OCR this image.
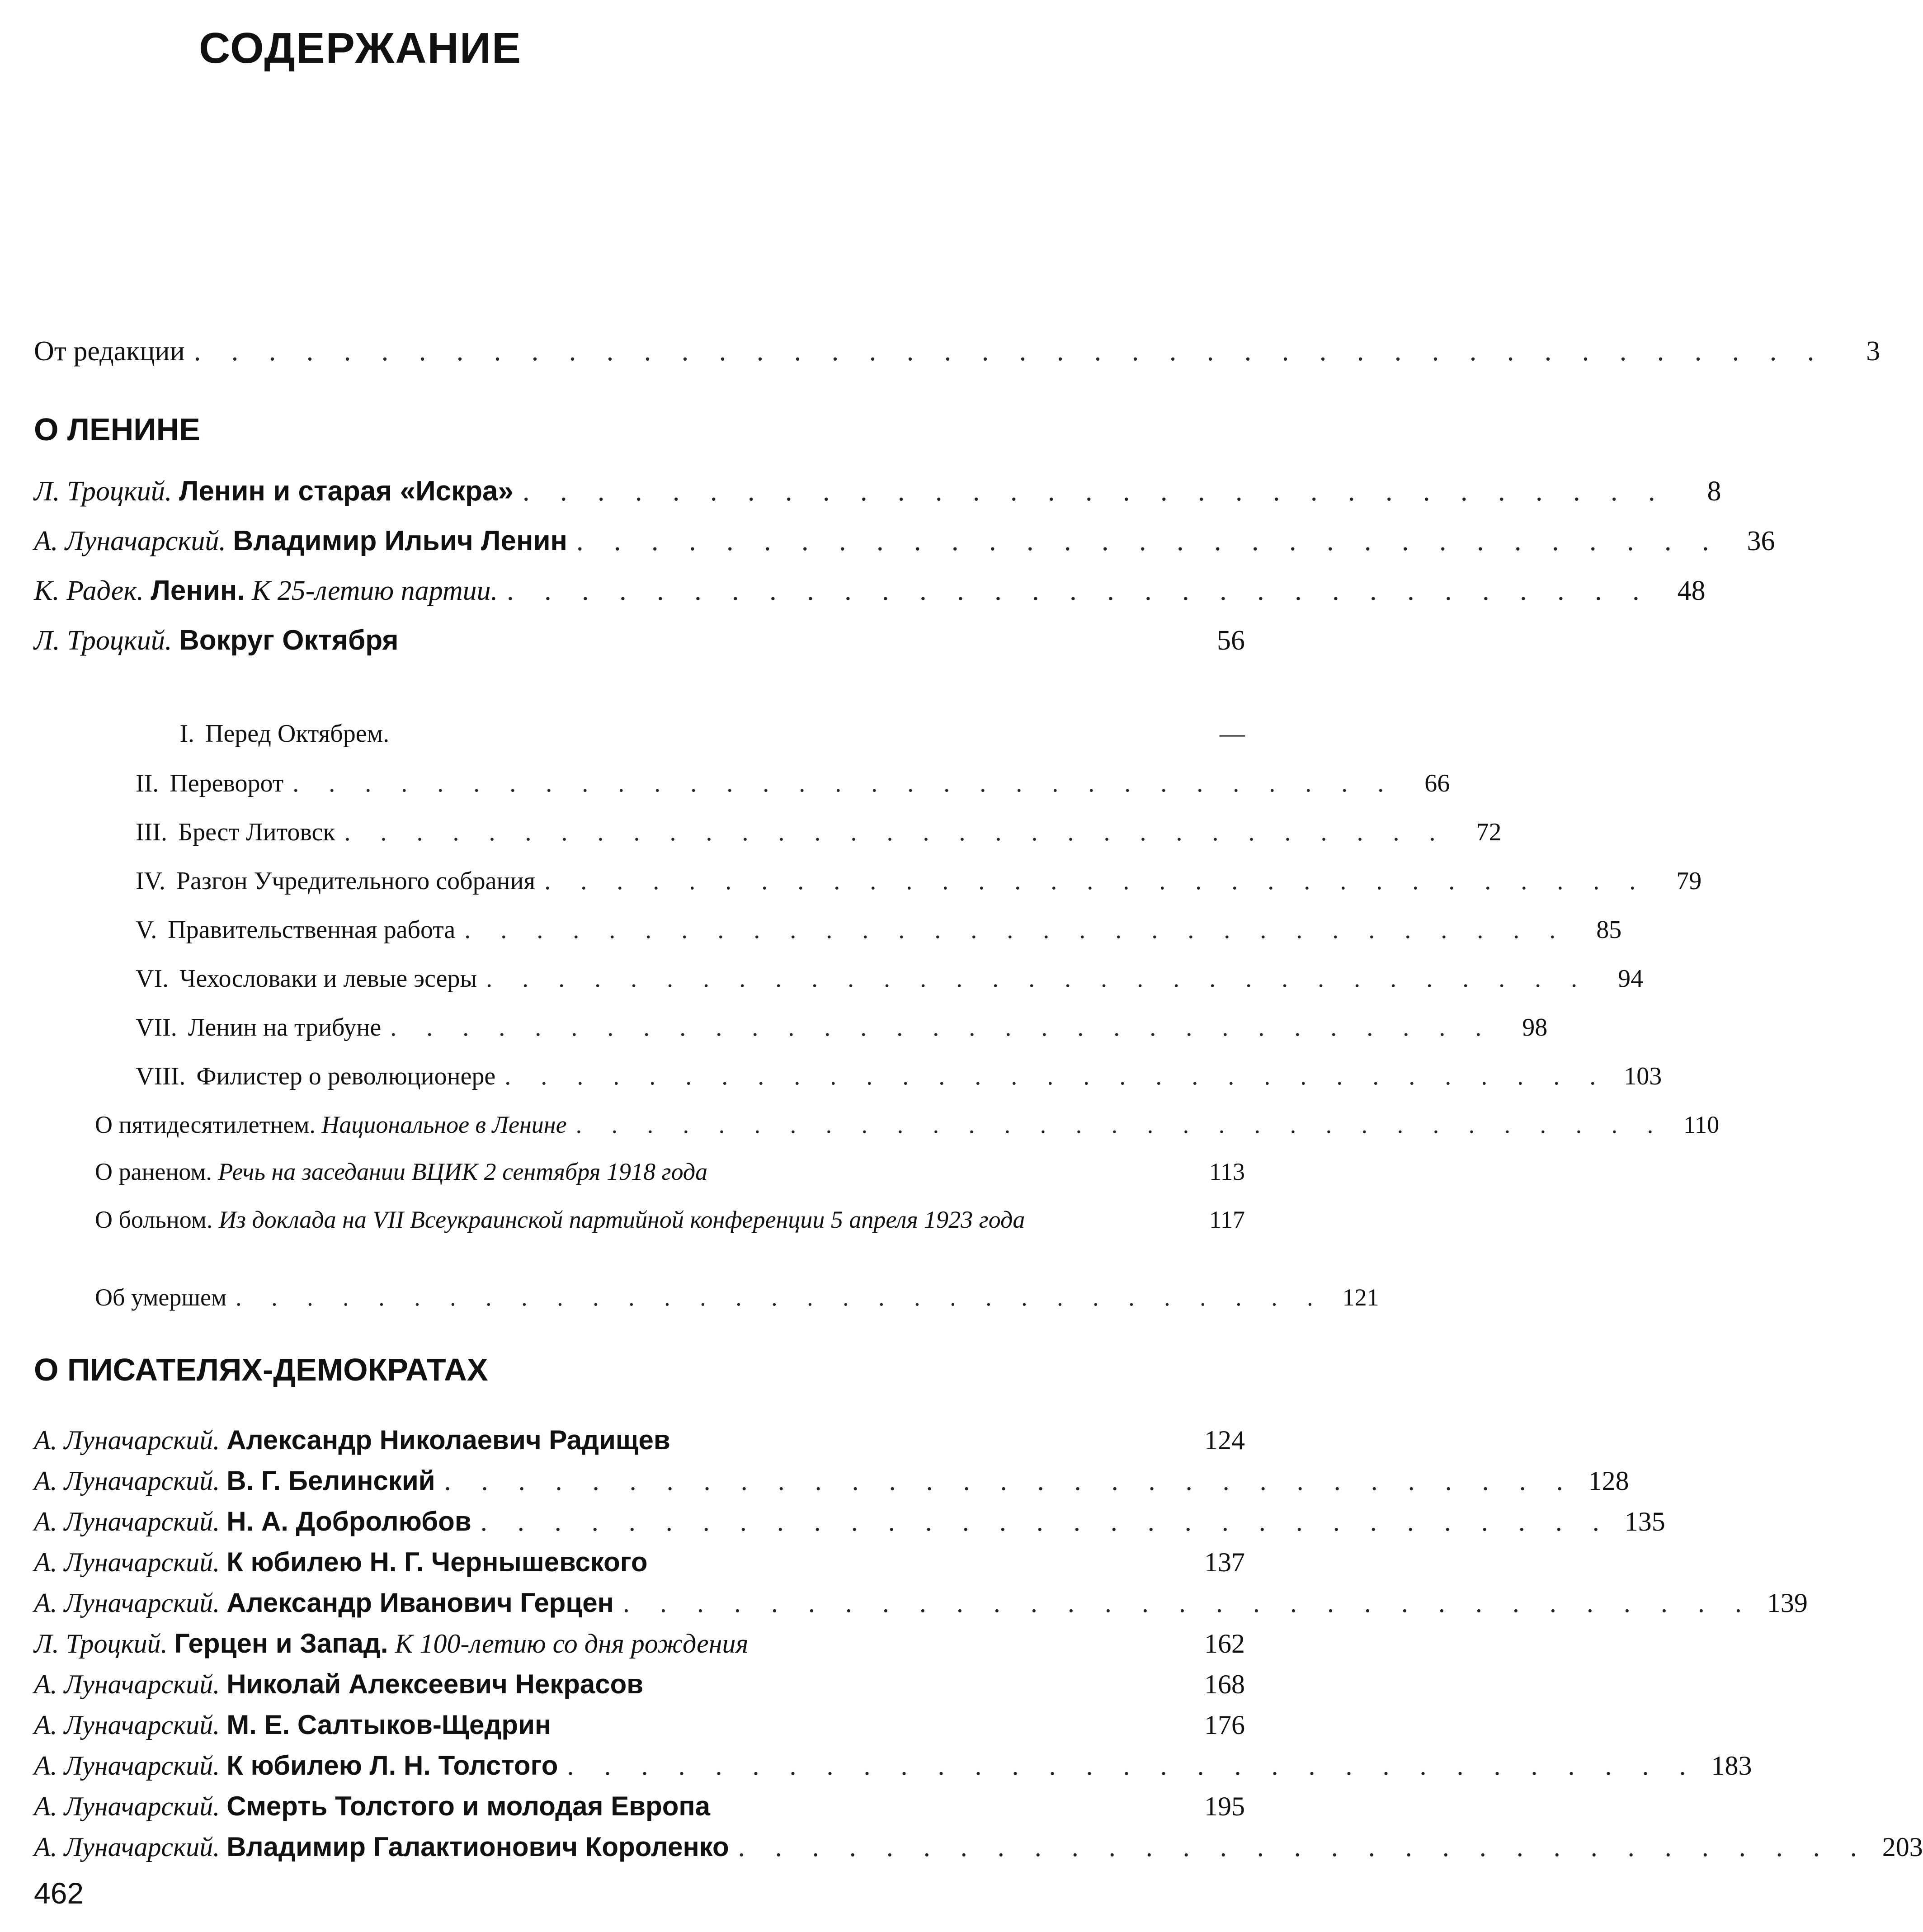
СОДЕРЖАНИЕ
От редакции . . . . . . . . . . . . . . . . . . . . . . . . . . . . . . . . . . . . . . . . . . . .	3
О ЛЕНИНЕ
Л. Троцкий. Ленин и старая «Искра» . . . . . . . . . . . . . . . . . . . . . . . . . . . . . . .	8
А. Луначарский. Владимир Ильич Ленин . . . . . . . . . . . . . . . . . . . . . . . . . . . . . . . 36
К. Радек. Ленин. К 25-летию партии. . . . . . . . . . . . . . . . . . . . . . . . . . . . . . . . 48
Л. Троцкий. Вокруг Октября	56
I. Перед Октябрем.	—
II. Переворот . . . . . . . . . . . . . . . . . . . . . . . . . . . . . . .	66
III. Брест Литовск . . . . . . . . . . . . . . . . . . . . . . . . . . . . . . .	72
IV. Разгон Учредительного собрания . . . . . . . . . . . . . . . . . . . . . . . . . . . . . . .	79
V. Правительственная работа . . . . . . . . . . . . . . . . . . . . . . . . . . . . . . .	85
VI. Чехословаки и левые эсеры . . . . . . . . . . . . . . . . . . . . . . . . . . . . . . .	94
VII. Ленин на трибуне . . . . . . . . . . . . . . . . . . . . . . . . . . . . . . .	98
VIII. Филистер о революционере . . . . . . . . . . . . . . . . . . . . . . . . . . . . . . . 103
О пятидесятилетнем. Национальное в Ленине . . . . . . . . . . . . . . . . . . . . . . . . . . . . . . . 110
О раненом. Речь на заседании ВЦИК 2 сентября 1918 года	113
О больном. Из доклада на VII Всеукраинской партийной конференции 5 апреля 1923 года	117
Об умершем . . . . . . . . . . . . . . . . . . . . . . . . . . . . . . . 121
О ПИСАТЕЛЯХ-ДЕМОКРАТАХ
А. Луначарский. Александр Николаевич Радищев	124
А. Луначарский. В. Г. Белинский . . . . . . . . . . . . . . . . . . . . . . . . . . . . . . . 128
А. Луначарский. Н. А. Добролюбов . . . . . . . . . . . . . . . . . . . . . . . . . . . . . . . 135
А. Луначарский. К юбилею Н. Г. Чернышевского	137
А. Луначарский. Александр Иванович Герцен . . . . . . . . . . . . . . . . . . . . . . . . . . . . . . . 139
Л. Троцкий. Герцен и Запад. К 100-летию со дня рождения	162
А. Луначарский. Николай Алексеевич Некрасов	168
А. Луначарский. М. Е. Салтыков-Щедрин	176
А. Луначарский. К юбилею Л. Н. Толстого . . . . . . . . . . . . . . . . . . . . . . . . . . . . . . . 183
А. Луначарский. Смерть Толстого и молодая Европа	195
А. Луначарский. Владимир Галактионович Короленко . . . . . . . . . . . . . . . . . . . . . . . . . . . . . . . 203
462
